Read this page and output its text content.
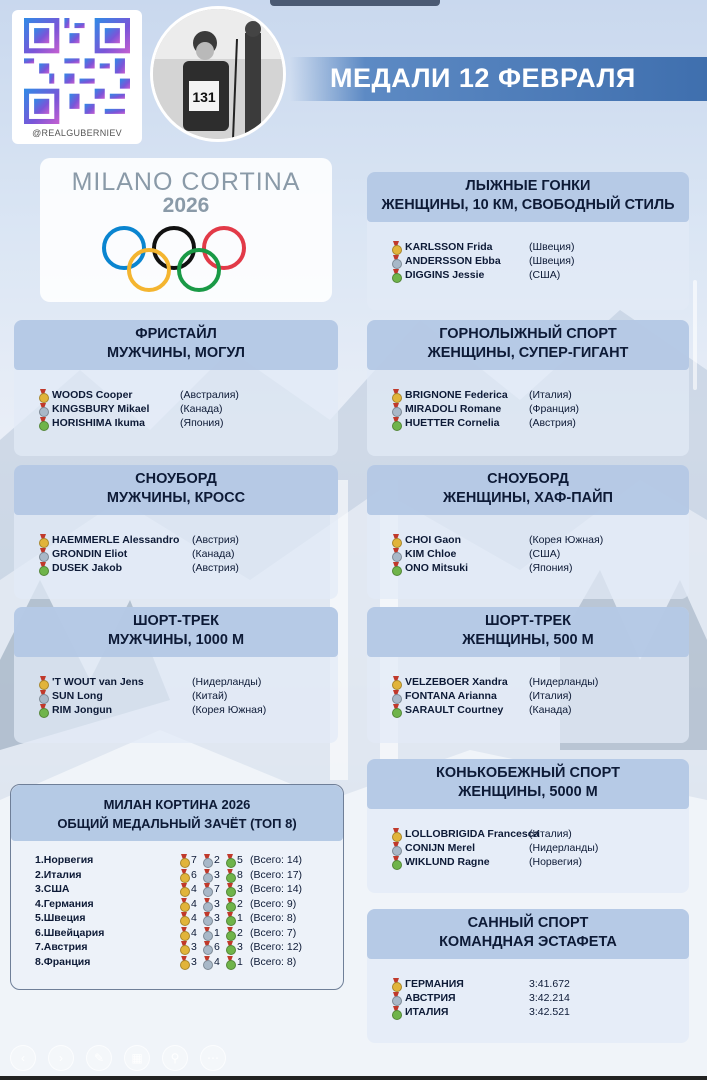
@REALGUBERNIEV
131
МЕДАЛИ 12 ФЕВРАЛЯ
MILANO CORTINA
2026
ЛЫЖНЫЕ ГОНКИ
ЖЕНЩИНЫ, 10 КМ, СВОБОДНЫЙ СТИЛЬ
KARLSSON Frida	(Швеция)
ANDERSSON Ebba	(Швеция)
DIGGINS Jessie	(США)
ФРИСТАЙЛ
МУЖЧИНЫ, МОГУЛ
WOODS Cooper	(Австралия)
KINGSBURY Mikael	(Канада)
HORISHIMA Ikuma	(Япония)
ГОРНОЛЫЖНЫЙ СПОРТ
ЖЕНЩИНЫ, СУПЕР-ГИГАНТ
BRIGNONE Federica (Италия)
MIRADOLI Romane	(Франция)
HUETTER Cornelia	(Австрия)
СНОУБОРД
МУЖЧИНЫ, КРОСС
HAEMMERLE Alessandro (Австрия)
GRONDIN Eliot	(Канада)
DUSEK Jakob	(Австрия)
СНОУБОРД
ЖЕНЩИНЫ, ХАФ-ПАЙП
CHOI Gaon	(Корея Южная)
KIM Chloe	(США)
ONO Mitsuki	(Япония)
ШОРТ-ТРЕК
МУЖЧИНЫ, 1000 М
'T WOUT van Jens	(Нидерланды)
SUN Long	(Китай)
RIM Jongun	(Корея Южная)
ШОРТ-ТРЕК
ЖЕНЩИНЫ, 500 М
VELZEBOER Xandra (Нидерланды)
FONTANA Arianna	(Италия)
SARAULT Courtney (Канада)
КОНЬКОБЕЖНЫЙ СПОРТ
ЖЕНЩИНЫ, 5000 М
LOLLOBRIGIDA Francesca
(Италия)
CONIJN Merel	(Нидерланды)
WIKLUND Ragne	(Норвегия)
САННЫЙ СПОРТ
КОМАНДНАЯ ЭСТАФЕТА
ГЕРМАНИЯ	3:41.672
АВСТРИЯ	3:42.214
ИТАЛИЯ	3:42.521
МИЛАН КОРТИНА 2026
ОБЩИЙ МЕДАЛЬНЫЙ ЗАЧЁТ (ТОП 8)
1.Норвегия	7	2	5 (Всего: 14)
2.Италия	6	3	8 (Всего: 17)
3.США	4	7	3 (Всего: 14)
4.Германия	4	3	2 (Всего: 9)
5.Швеция	4	3	1 (Всего: 8)
6.Швейцария	4	1	2 (Всего: 7)
7.Австрия	3	6	3 (Всего: 12)
8.Франция	3	4	1 (Всего: 8)
‹	›	✎	▦	⚲	⋯
